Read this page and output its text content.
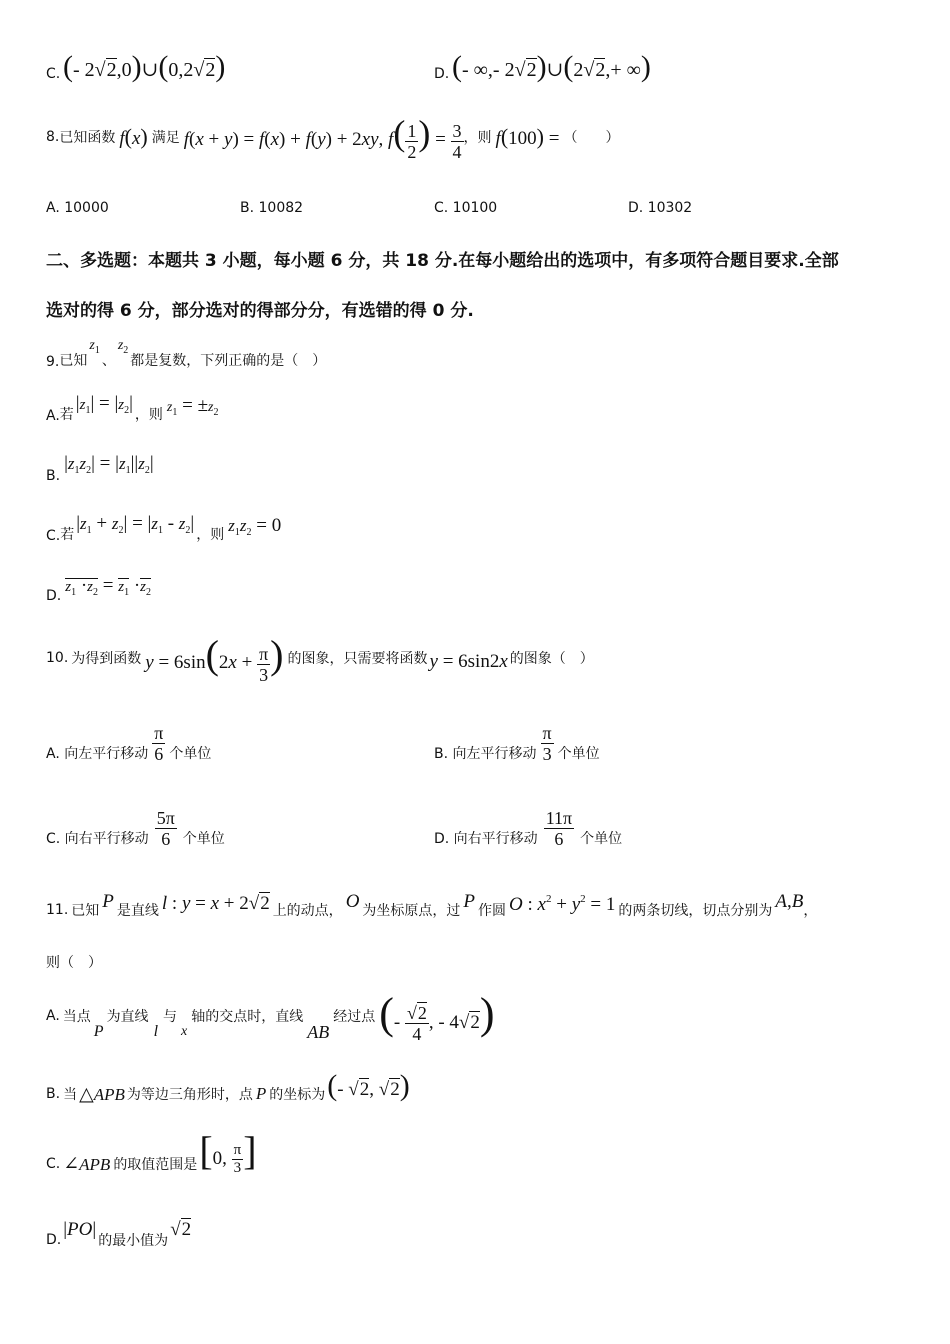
C. (- 2√2,0)∪(0,2√2)	D. (- ∞,- 2√2)∪(2√2,+ ∞)
8. 已知函数 f(x) 满足 f(x + y) = f(x) + f(y) + 2xy, $f( \frac{1}{2}$ ) = $\frac{3}{4}$ ，则 f(100) = （　　）
A. 10000	B. 10082	C. 10100	D. 10302
二、多选题：本题共 3 小题，每小题 6 分，共 18 分.在每小题给出的选项中，有多项符合题目要求.全部
选对的得 6 分，部分选对的得部分分，有选错的得 0 分.
9. 已知
$z_1$
、
$z_2$
都是复数，下列正确的是（　）
A. 若
$|z_1| = |z_2|$
，则 $z_1 = \pm z_2$
B.
$|z_1z_2| = |z_1||z_2|$
C. 若
$|z_1 + z_2| = |z_1 - z_2|$
，则 $z_1z_2 = 0$
D.
$z_1 \cdot z_2 = z_1 \cdot z_2$
10. 为得到函数 $y = 6\sin(2x + \frac{\pi}{3}$ ) 的图象，只需要将函数 y = 6sin2x 的图象（　）
A. 向左平行移动 $\frac{\pi}{6}$ 个单位	B. 向左平行移动 $\frac{\pi}{3}$ 个单位
C. 向右平行移动 $\frac{5\pi}{6}$ 个单位	D. 向右平行移动 $\frac{11\pi}{6}$ 个单位
11. 已知 P 是直线 l : y = x + 2√2 上的动点， O 为坐标原点，过 P 作圆 O : $x^2 + y^2 = 1$ 的两条切线，切点分别为 A,B ，
则（　）
A. 当点
P
为直线
l
与
x
轴的交点时，直线
AB
经过点 (- $\frac{√2}{4}$ , - 4√2)
B. 当 △APB 为等边三角形时，点 P 的坐标为 (- √2, √2)
C. ∠APB 的取值范围是 [0, $\frac{\pi}{3}$ ]
D. |PO|
的最小值为
√2
